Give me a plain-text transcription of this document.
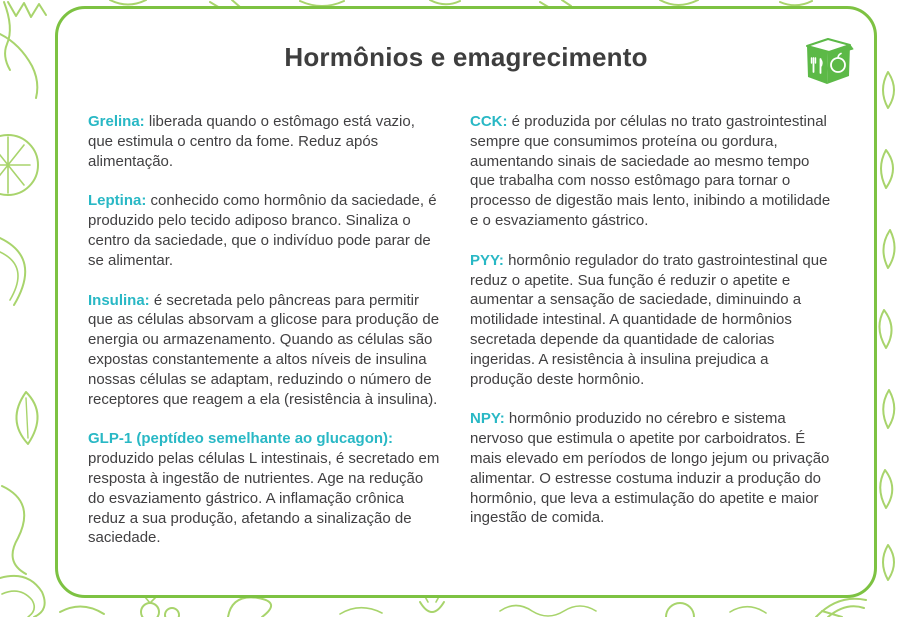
Hormônios e emagrecimento

Grelina: liberada quando o estômago está vazio, que estimula o centro da fome. Reduz após alimentação.

Leptina: conhecido como hormônio da saciedade, é produzido pelo tecido adiposo branco. Sinaliza o centro da saciedade, que o indivíduo pode parar de se alimentar.

Insulina: é secretada pelo pâncreas para permitir que as células absorvam a glicose para produção de energia ou armazenamento. Quando as células são expostas constantemente a altos níveis de insulina nossas células se adaptam, reduzindo o número de receptores que reagem a ela (resistência à insulina).

GLP-1 (peptídeo semelhante ao glucagon): produzido pelas células L intestinais, é secretado em resposta à ingestão de nutrientes. Age na redução do esvaziamento gástrico. A inflamação crônica reduz a sua produção, afetando a sinalização de saciedade.

CCK: é produzida por células no trato gastrointestinal sempre que consumimos proteína ou gordura, aumentando sinais de saciedade ao mesmo tempo que trabalha com nosso estômago para tornar o processo de digestão mais lento, inibindo a motilidade e o esvaziamento gástrico.

PYY: hormônio regulador do trato gastrointestinal que reduz o apetite. Sua função é reduzir o apetite e aumentar a sensação de saciedade, diminuindo a motilidade intestinal. A quantidade de hormônios secretada depende da quantidade de calorias ingeridas. A resistência à insulina prejudica a produção deste hormônio.

NPY: hormônio produzido no cérebro e sistema nervoso que estimula o apetite por carboidratos. É mais elevado em períodos de longo jejum ou privação alimentar. O estresse costuma induzir a produção do hormônio, que leva a estimulação do apetite e maior ingestão de comida.
